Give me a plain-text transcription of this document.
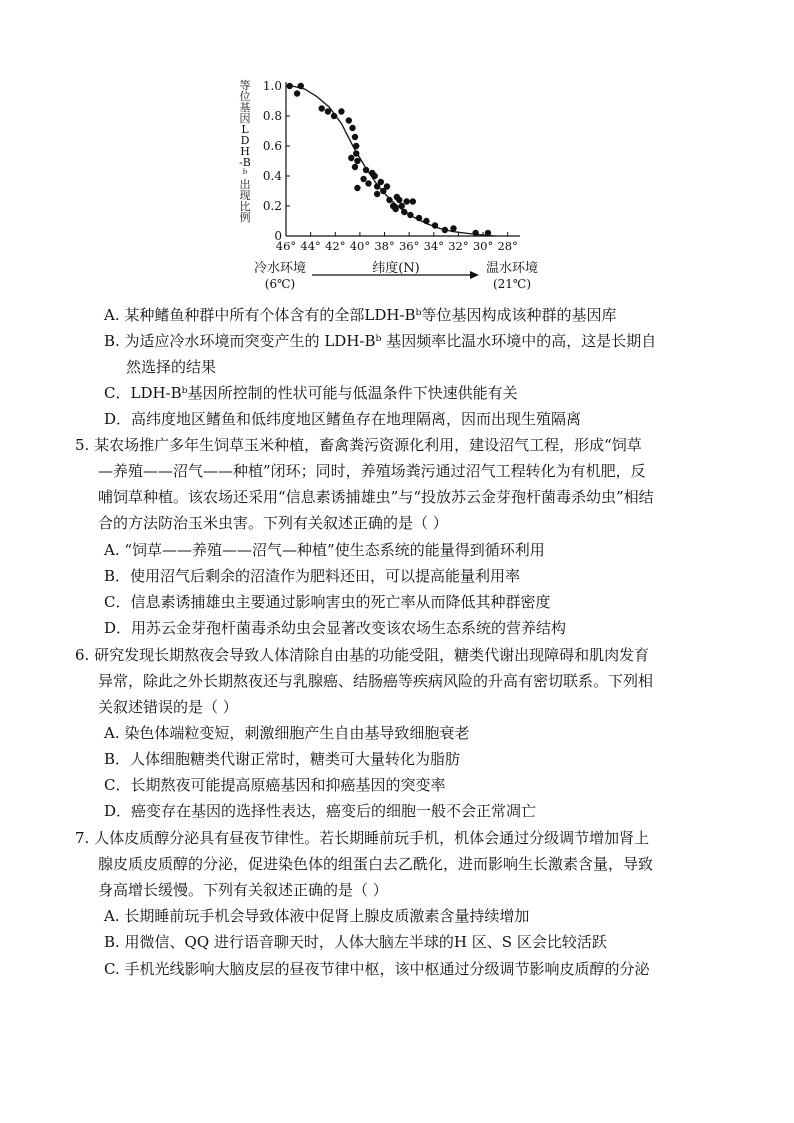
0
0.2
0.4
0.6
0.8
1.0
46° 44° 42° 40° 38° 36° 34° 32° 30° 28°
冷水环境
(6℃)
纬度(N)	温水环境
(21℃)
等位基因LDH-Bᵇ出现比例
A. 某种鳍鱼种群中所有个体含有的全部LDH-Bᵇ等位基因构成该种群的基因库
B. 为适应冷水环境而突变产生的 LDH-Bᵇ 基因频率比温水环境中的高，这是长期自
然选择的结果
C．LDH-Bᵇ基因所控制的性状可能与低温条件下快速供能有关
D．高纬度地区鳍鱼和低纬度地区鳍鱼存在地理隔离，因而出现生殖隔离
5. 某农场推广多年生饲草玉米种植，畜禽粪污资源化利用，建设沼气工程，形成“饲草
—养殖——沼气——种植”闭环；同时，养殖场粪污通过沼气工程转化为有机肥，反
哺饲草种植。该农场还采用“信息素诱捕雄虫”与“投放苏云金芽孢杆菌毒杀幼虫”相结
合的方法防治玉米虫害。下列有关叙述正确的是（ ）
A. “饲草——养殖——沼气—种植”使生态系统的能量得到循环利用
B．使用沼气后剩余的沼渣作为肥料还田，可以提高能量利用率
C．信息素诱捕雄虫主要通过影响害虫的死亡率从而降低其种群密度
D．用苏云金芽孢杆菌毒杀幼虫会显著改变该农场生态系统的营养结构
6. 研究发现长期熬夜会导致人体清除自由基的功能受阻，糖类代谢出现障碍和肌肉发育
异常，除此之外长期熬夜还与乳腺癌、结肠癌等疾病风险的升高有密切联系。下列相
关叙述错误的是（ ）
A. 染色体端粒变短，刺激细胞产生自由基导致细胞衰老
B．人体细胞糖类代谢正常时，糖类可大量转化为脂肪
C．长期熬夜可能提高原癌基因和抑癌基因的突变率
D．癌变存在基因的选择性表达，癌变后的细胞一般不会正常凋亡
7. 人体皮质醇分泌具有昼夜节律性。若长期睡前玩手机，机体会通过分级调节增加肾上
腺皮质皮质醇的分泌，促进染色体的组蛋白去乙酰化，进而影响生长激素含量，导致
身高增长缓慢。下列有关叙述正确的是（ ）
A. 长期睡前玩手机会导致体液中促肾上腺皮质激素含量持续增加
B. 用微信、QQ 进行语音聊天时，人体大脑左半球的H 区、S 区会比较活跃
C. 手机光线影响大脑皮层的昼夜节律中枢，该中枢通过分级调节影响皮质醇的分泌
